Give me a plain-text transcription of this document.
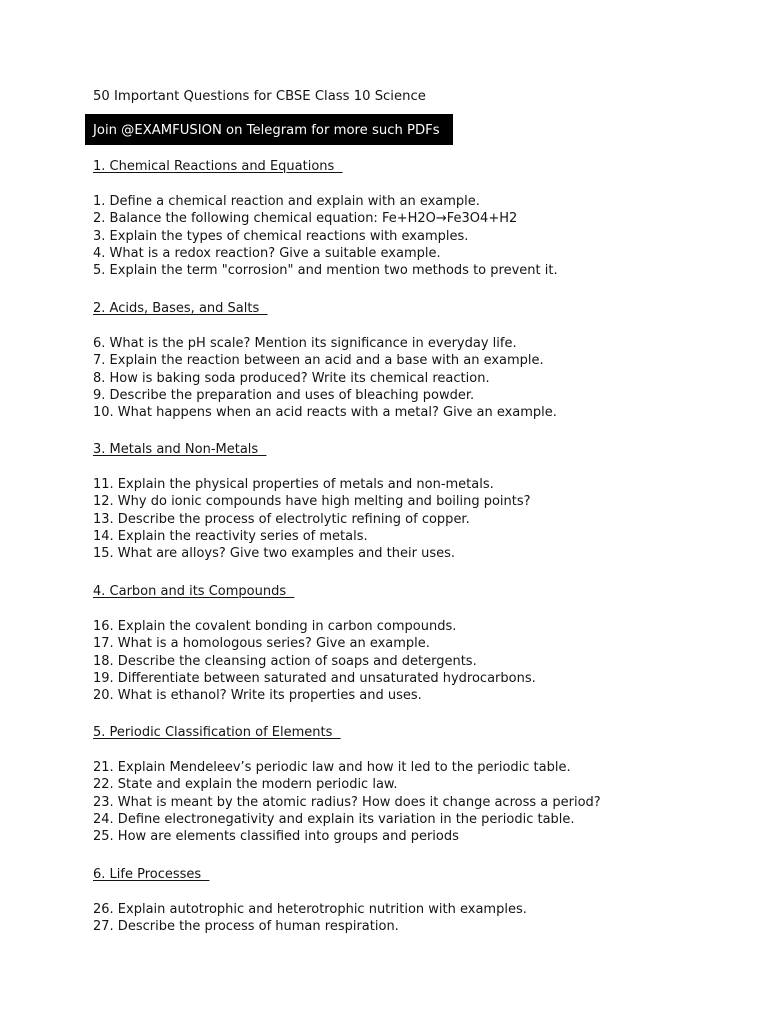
50 Important Questions for CBSE Class 10 Science
Join @EXAMFUSION on Telegram for more such PDFs
1. Chemical Reactions and Equations
1. Define a chemical reaction and explain with an example.
2. Balance the following chemical equation: Fe+H2O→Fe3O4+H2
3. Explain the types of chemical reactions with examples.
4. What is a redox reaction? Give a suitable example.
5. Explain the term "corrosion" and mention two methods to prevent it.
2. Acids, Bases, and Salts
6. What is the pH scale? Mention its significance in everyday life.
7. Explain the reaction between an acid and a base with an example.
8. How is baking soda produced? Write its chemical reaction.
9. Describe the preparation and uses of bleaching powder.
10. What happens when an acid reacts with a metal? Give an example.
3. Metals and Non-Metals
11. Explain the physical properties of metals and non-metals.
12. Why do ionic compounds have high melting and boiling points?
13. Describe the process of electrolytic refining of copper.
14. Explain the reactivity series of metals.
15. What are alloys? Give two examples and their uses.
4. Carbon and its Compounds
16. Explain the covalent bonding in carbon compounds.
17. What is a homologous series? Give an example.
18. Describe the cleansing action of soaps and detergents.
19. Differentiate between saturated and unsaturated hydrocarbons.
20. What is ethanol? Write its properties and uses.
5. Periodic Classification of Elements
21. Explain Mendeleev’s periodic law and how it led to the periodic table.
22. State and explain the modern periodic law.
23. What is meant by the atomic radius? How does it change across a period?
24. Define electronegativity and explain its variation in the periodic table.
25. How are elements classified into groups and periods
6. Life Processes
26. Explain autotrophic and heterotrophic nutrition with examples.
27. Describe the process of human respiration.
